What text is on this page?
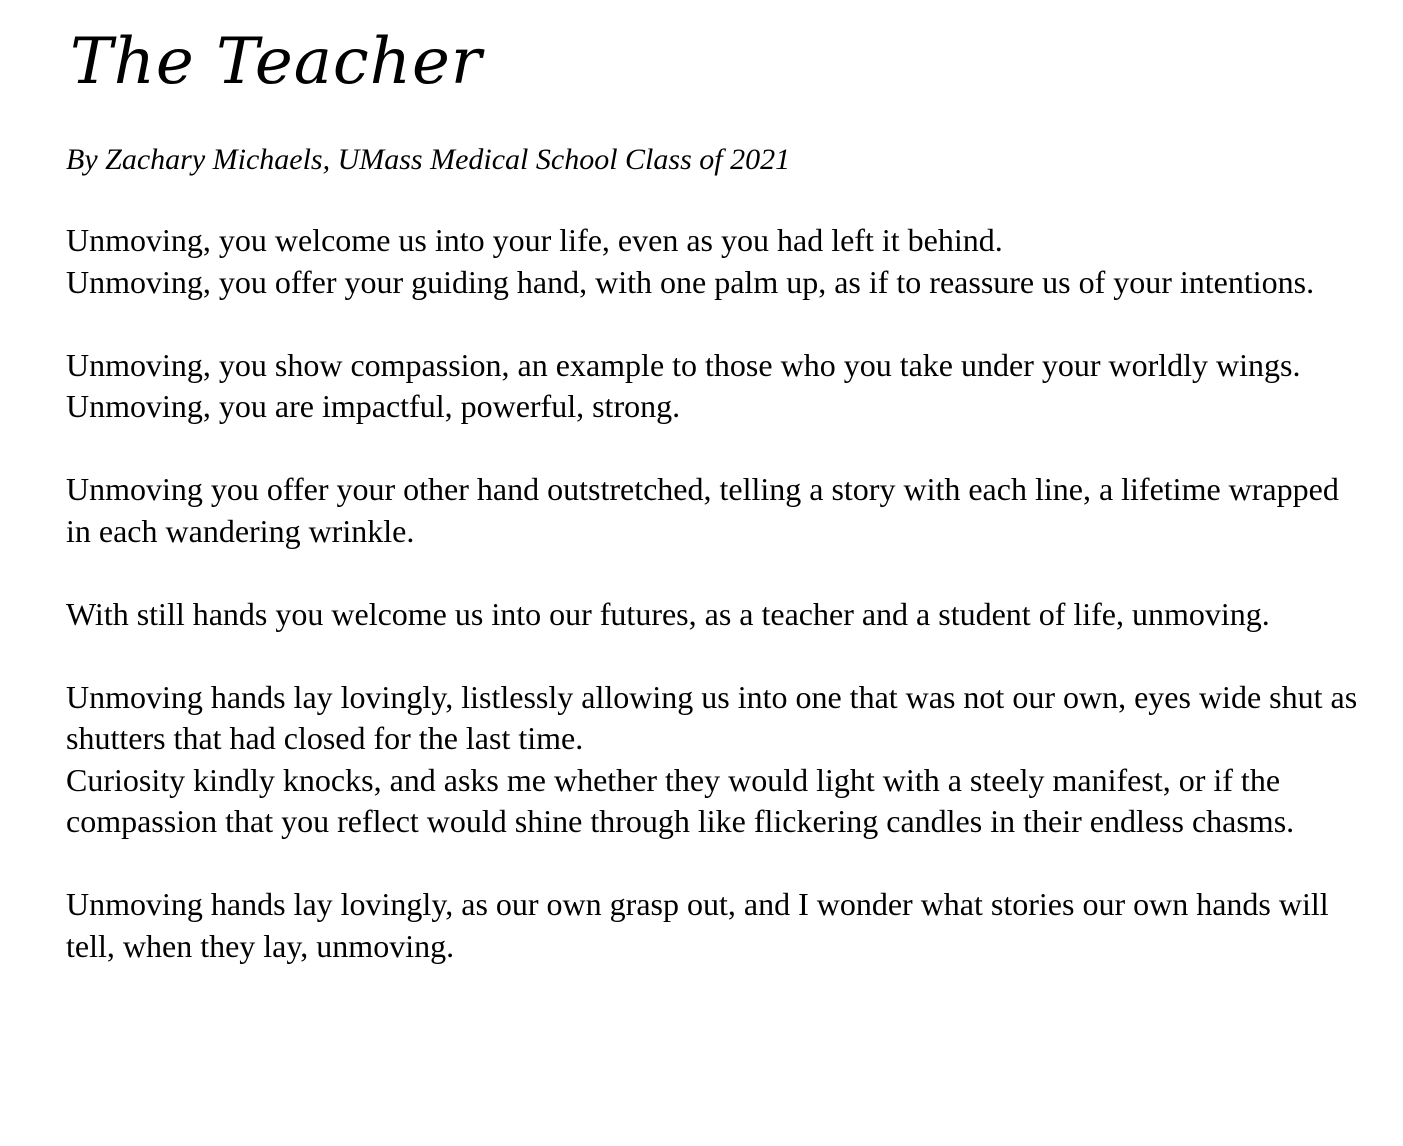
The Teacher

By Zachary Michaels, UMass Medical School Class of 2021

Unmoving, you welcome us into your life, even as you had left it behind.

Unmoving, you offer your guiding hand, with one palm up, as if to reassure us of your intentions.

Unmoving, you show compassion, an example to those who you take under your worldly wings. Unmoving, you are impactful, powerful, strong.

Unmoving you offer your other hand outstretched, telling a story with each line, a lifetime wrapped in each wandering wrinkle.

With still hands you welcome us into our futures, as a teacher and a student of life, unmoving.

Unmoving hands lay lovingly, listlessly allowing us into one that was not our own, eyes wide shut as shutters that had closed for the last time.

Curiosity kindly knocks, and asks me whether they would light with a steely manifest, or if the compassion that you reflect would shine through like flickering candles in their endless chasms.

Unmoving hands lay lovingly, as our own grasp out, and I wonder what stories our own hands will tell, when they lay, unmoving.
